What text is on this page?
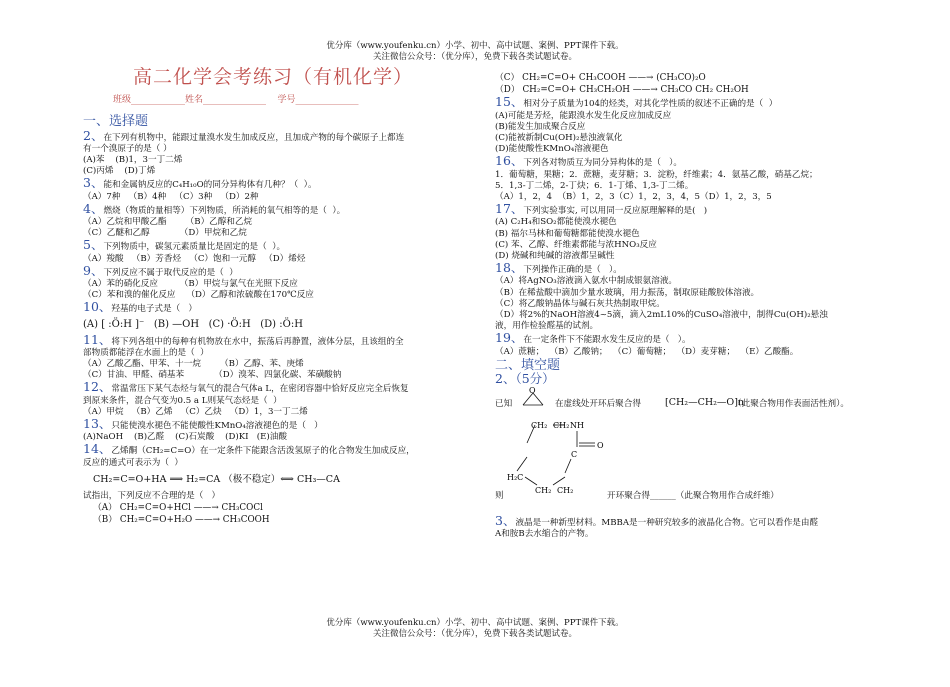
优分库（www.youfenku.cn）小学、初中、高中试题、案例、PPT课件下载。
关注微信公众号：（优分库），免费下载各类试题试卷。
高二化学会考练习（有机化学）
班级____________姓名______________    学号______________
一、选择题

2、在下列有机物中，能跟过量溴水发生加成反应，且加成产物的每个碳原子上都连

有一个溴原子的是（ ）

(A)苯    (B)1，3一丁二烯

(C)丙烯    (D)丁烯

3、能和金属钠反应的C₄H₁₀O的同分异构体有几种？（  ）。

（A）7种   （B）4种   （C）3种   （D）2种

4、燃烧（物质的量相等）下列物质，所消耗的氧气相等的是（  ）。

（A）乙烷和甲酸乙酯       （B）乙醇和乙烷

（C）乙醚和乙醇           （D）甲烷和乙烷

5、下列物质中，碳氢元素质量比是固定的是（  ）。

（A）羧酸   （B）芳香烃   （C）饱和一元醇   （D）烯烃

9、下列反应不属于取代反应的是（  ）

（A）苯的硝化反应        （B）甲烷与氯气在光照下反应

（C）苯和溴的催化反应    （D）乙醇和浓硫酸在170℃反应

10、羟基的电子式是（   ）

(A) [ :Ö:H ]⁻   (B) —OH   (C) ·Ö:H   (D) :Ö:H

11、将下列各组中的每种有机物放在水中，振荡后再静置，液体分层，且该组的全

部物质都能浮在水面上的是（  ）

（A）乙酸乙酯、甲苯、十一烷       （B）乙醇、苯、庚烯

（C）甘油、甲醛、硝基苯           （D）溴苯、四氯化碳、苯磺酸钠

12、常温常压下某气态烃与氧气的混合气体a L，在密闭容器中恰好反应完全后恢复

到原来条件，混合气变为0.5 a L则某气态烃是（  ）

（A）甲烷   （B）乙烯   （C）乙炔   （D）1，3一丁二烯

13、只能使溴水褪色不能使酸性KMnO₄溶液褪色的是（   ）

(A)NaOH    (B)乙醛    (C)石炭酸    (D)KI   (E)油酸

14、乙烯酮（CH₂=C=O）在一定条件下能跟含活泼氢原子的化合物发生加成反应，

反应的通式可表示为（  ）

CH₂=C=O+HA ⟹ H₂=CA （极不稳定）⟺ CH₃—CA

试指出，下列反应不合理的是（   ）

（A） CH₂=C=O+HCl ——→ CH₃COCl

（B） CH₂=C=O+H₂O ——→ CH₃COOH

（C） CH₂=C=O+ CH₃COOH ——→ (CH₃CO)₂O

（D） CH₂=C=O+ CH₃CH₂OH ——→ CH₃CO CH₂ CH₂OH

15、相对分子质量为104的烃类，对其化学性质的叙述不正确的是（  ）

(A)可能是芳烃，能跟溴水发生化反应加成反应

(B)能发生加成聚合反应

(C)能被新制Cu(OH)₂悬浊液氧化

(D)能使酸性KMnO₄溶液褪色

16、下列各对物质互为同分异构体的是（   ）。

1．葡萄糖，果糖；2．蔗糖，麦芽糖；3．淀粉，纤维素；4．氨基乙酸，硝基乙烷；

5．1,3-丁二烯，2-丁炔；6．1-丁烯、1,3-丁二烯。

（A）1，2，4  （B）1，2，3（C）1，2，3，4，5（D）1，2，3，5

17、下列实验事实, 可以用同一反应原理解释的是(   )

(A) C₂H₄和SO₂都能使溴水褪色

(B) 福尔马林和葡萄糖都能使溴水褪色

(C) 苯、乙醇、纤维素都能与浓HNO₃反应

(D) 烧碱和纯碱的溶液都呈碱性

18、下列操作正确的是（   ）。

（A）将AgNO₃溶液滴入氨水中制成银氨溶液。

（B）在稀盐酸中滴加少量水玻璃，用力振荡，制取原硅酸胶体溶液。

（C）将乙酸钠晶体与碱石灰共热制取甲烷。

（D）将2%的NaOH溶液4~5滴，滴入2mL10%的CuSO₄溶液中，制得Cu(OH)₂悬浊

液，用作检验醛基的试剂。

19、在一定条件下不能跟水发生反应的是（   ）。

（A）蔗糖；  （B）乙酸钠；  （C）葡萄糖；  （D）麦芽糖；  （E）乙酸酯。

二、填空题

2、（5分）

O
CH₂ CH₂ NH
C
O
H₂C
CH₂ CH₂
已知	在虚线处开环后聚合得	[CH₂—CH₂—O]n
（此聚合物用作表面活性剂）。
则	开环聚合得______（此聚合物用作合成纤维）

3、液晶是一种新型材料。MBBA是一种研究较多的液晶化合物。它可以看作是由醛

A和胺B去水缩合的产物。

优分库（www.youfenku.cn）小学、初中、高中试题、案例、PPT课件下载。
关注微信公众号：（优分库），免费下载各类试题试卷。
